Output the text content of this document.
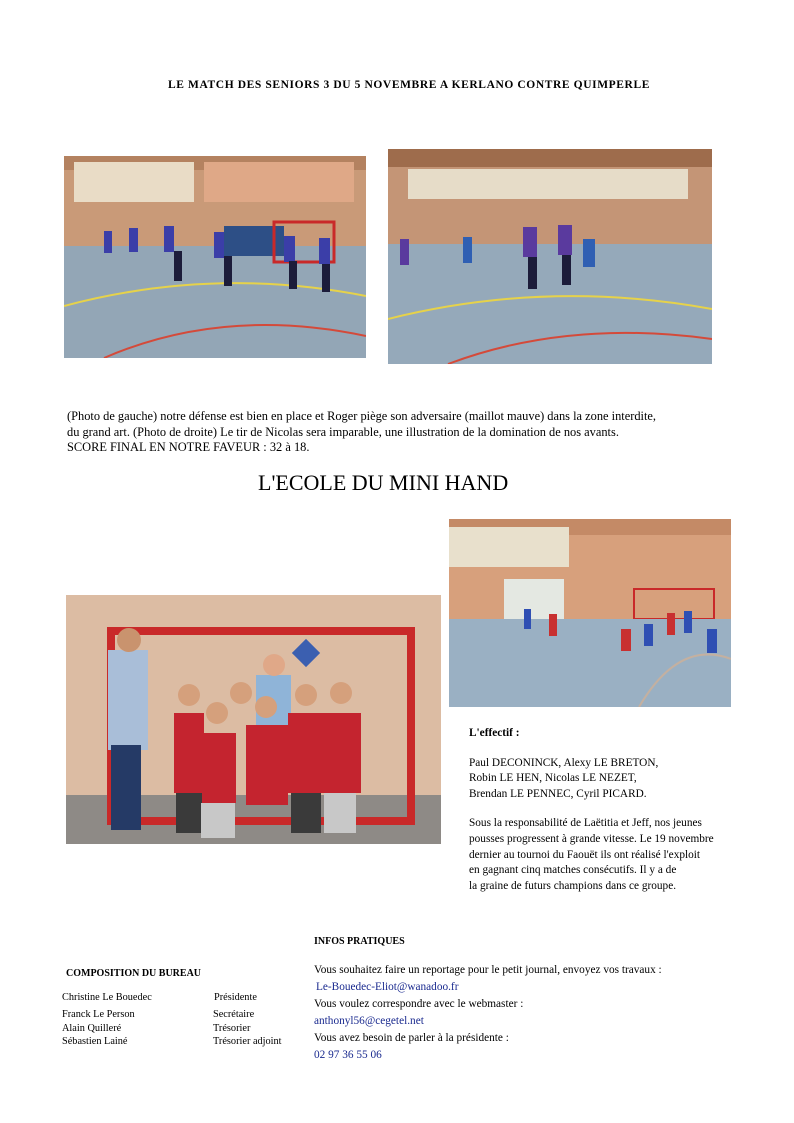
LE MATCH DES SENIORS 3 DU 5 NOVEMBRE A KERLANO CONTRE QUIMPERLE
(Photo de gauche) notre défense est bien en place et Roger piège son adversaire (maillot mauve) dans la zone interdite,
du grand art. (Photo de droite) Le tir de Nicolas sera imparable, une illustration de la domination de nos avants.
SCORE FINAL EN NOTRE FAVEUR : 32 à 18.
L'ECOLE DU MINI HAND
L'effectif :
Paul DECONINCK, Alexy LE BRETON,
Robin LE HEN, Nicolas LE NEZET,
Brendan LE PENNEC, Cyril PICARD.
Sous la responsabilité de Laëtitia et Jeff, nos jeunes
pousses progressent à grande vitesse. Le 19 novembre
dernier au tournoi du Faouët ils ont réalisé l'exploit
en gagnant cinq matches consécutifs. Il y a de
la graine de futurs champions dans ce groupe.
INFOS PRATIQUES
Vous souhaitez faire un reportage pour le petit journal, envoyez vos travaux :
Le-Bouedec-Eliot@wanadoo.fr
Vous voulez correspondre avec le webmaster :
anthonyl56@cegetel.net
Vous avez besoin de parler à la présidente :
02 97 36 55 06
COMPOSITION DU BUREAU
Christine Le Bouedec	Présidente
Franck Le Person	Secrétaire
Alain Quilleré	Trésorier
Sébastien Lainé	Trésorier adjoint
